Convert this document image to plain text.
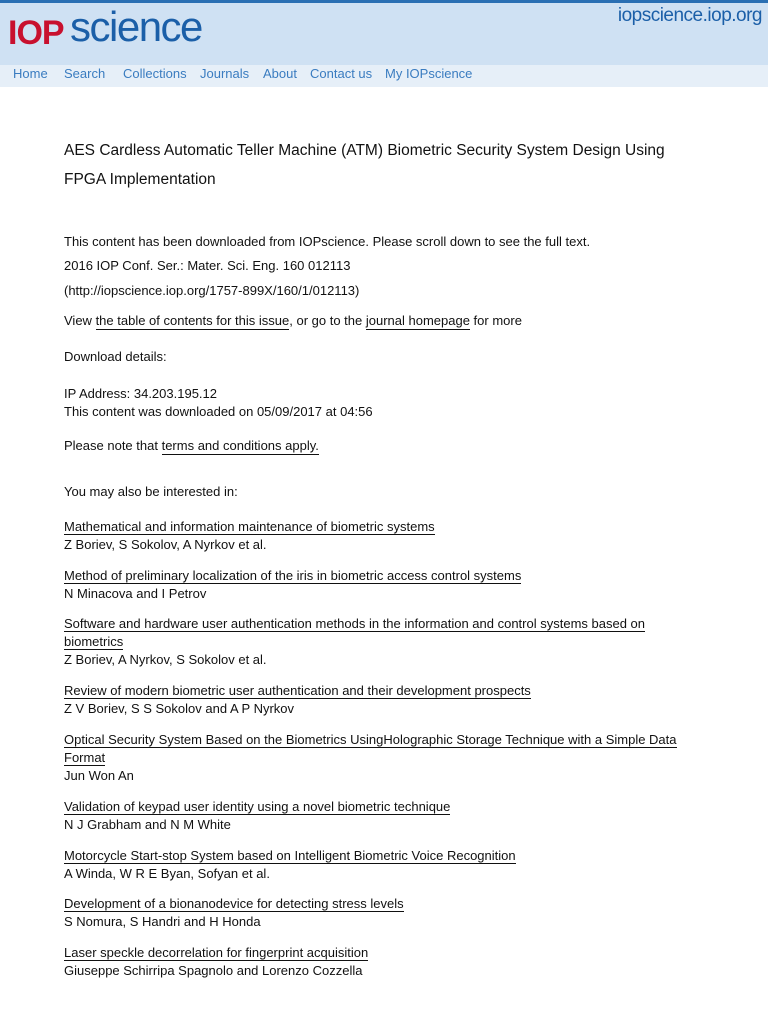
IOP science	iopscience.iop.org
Home Search Collections Journals About Contact us My IOPscience
AES Cardless Automatic Teller Machine (ATM) Biometric Security System Design Using
FPGA Implementation
This content has been downloaded from IOPscience. Please scroll down to see the full text.
2016 IOP Conf. Ser.: Mater. Sci. Eng. 160 012113
(http://iopscience.iop.org/1757-899X/160/1/012113)
View the table of contents for this issue, or go to the journal homepage for more
Download details:
IP Address: 34.203.195.12
This content was downloaded on 05/09/2017 at 04:56
Please note that terms and conditions apply.
You may also be interested in:
Mathematical and information maintenance of biometric systems
Z Boriev, S Sokolov, A Nyrkov et al.
Method of preliminary localization of the iris in biometric access control systems
N Minacova and I Petrov
Software and hardware user authentication methods in the information and control systems based on biometrics
Z Boriev, A Nyrkov, S Sokolov et al.
Review of modern biometric user authentication and their development prospects
Z V Boriev, S S Sokolov and A P Nyrkov
Optical Security System Based on the Biometrics UsingHolographic Storage Technique with a Simple Data Format
Jun Won An
Validation of keypad user identity using a novel biometric technique
N J Grabham and N M White
Motorcycle Start-stop System based on Intelligent Biometric Voice Recognition
A Winda, W R E Byan, Sofyan et al.
Development of a bionanodevice for detecting stress levels
S Nomura, S Handri and H Honda
Laser speckle decorrelation for fingerprint acquisition
Giuseppe Schirripa Spagnolo and Lorenzo Cozzella
